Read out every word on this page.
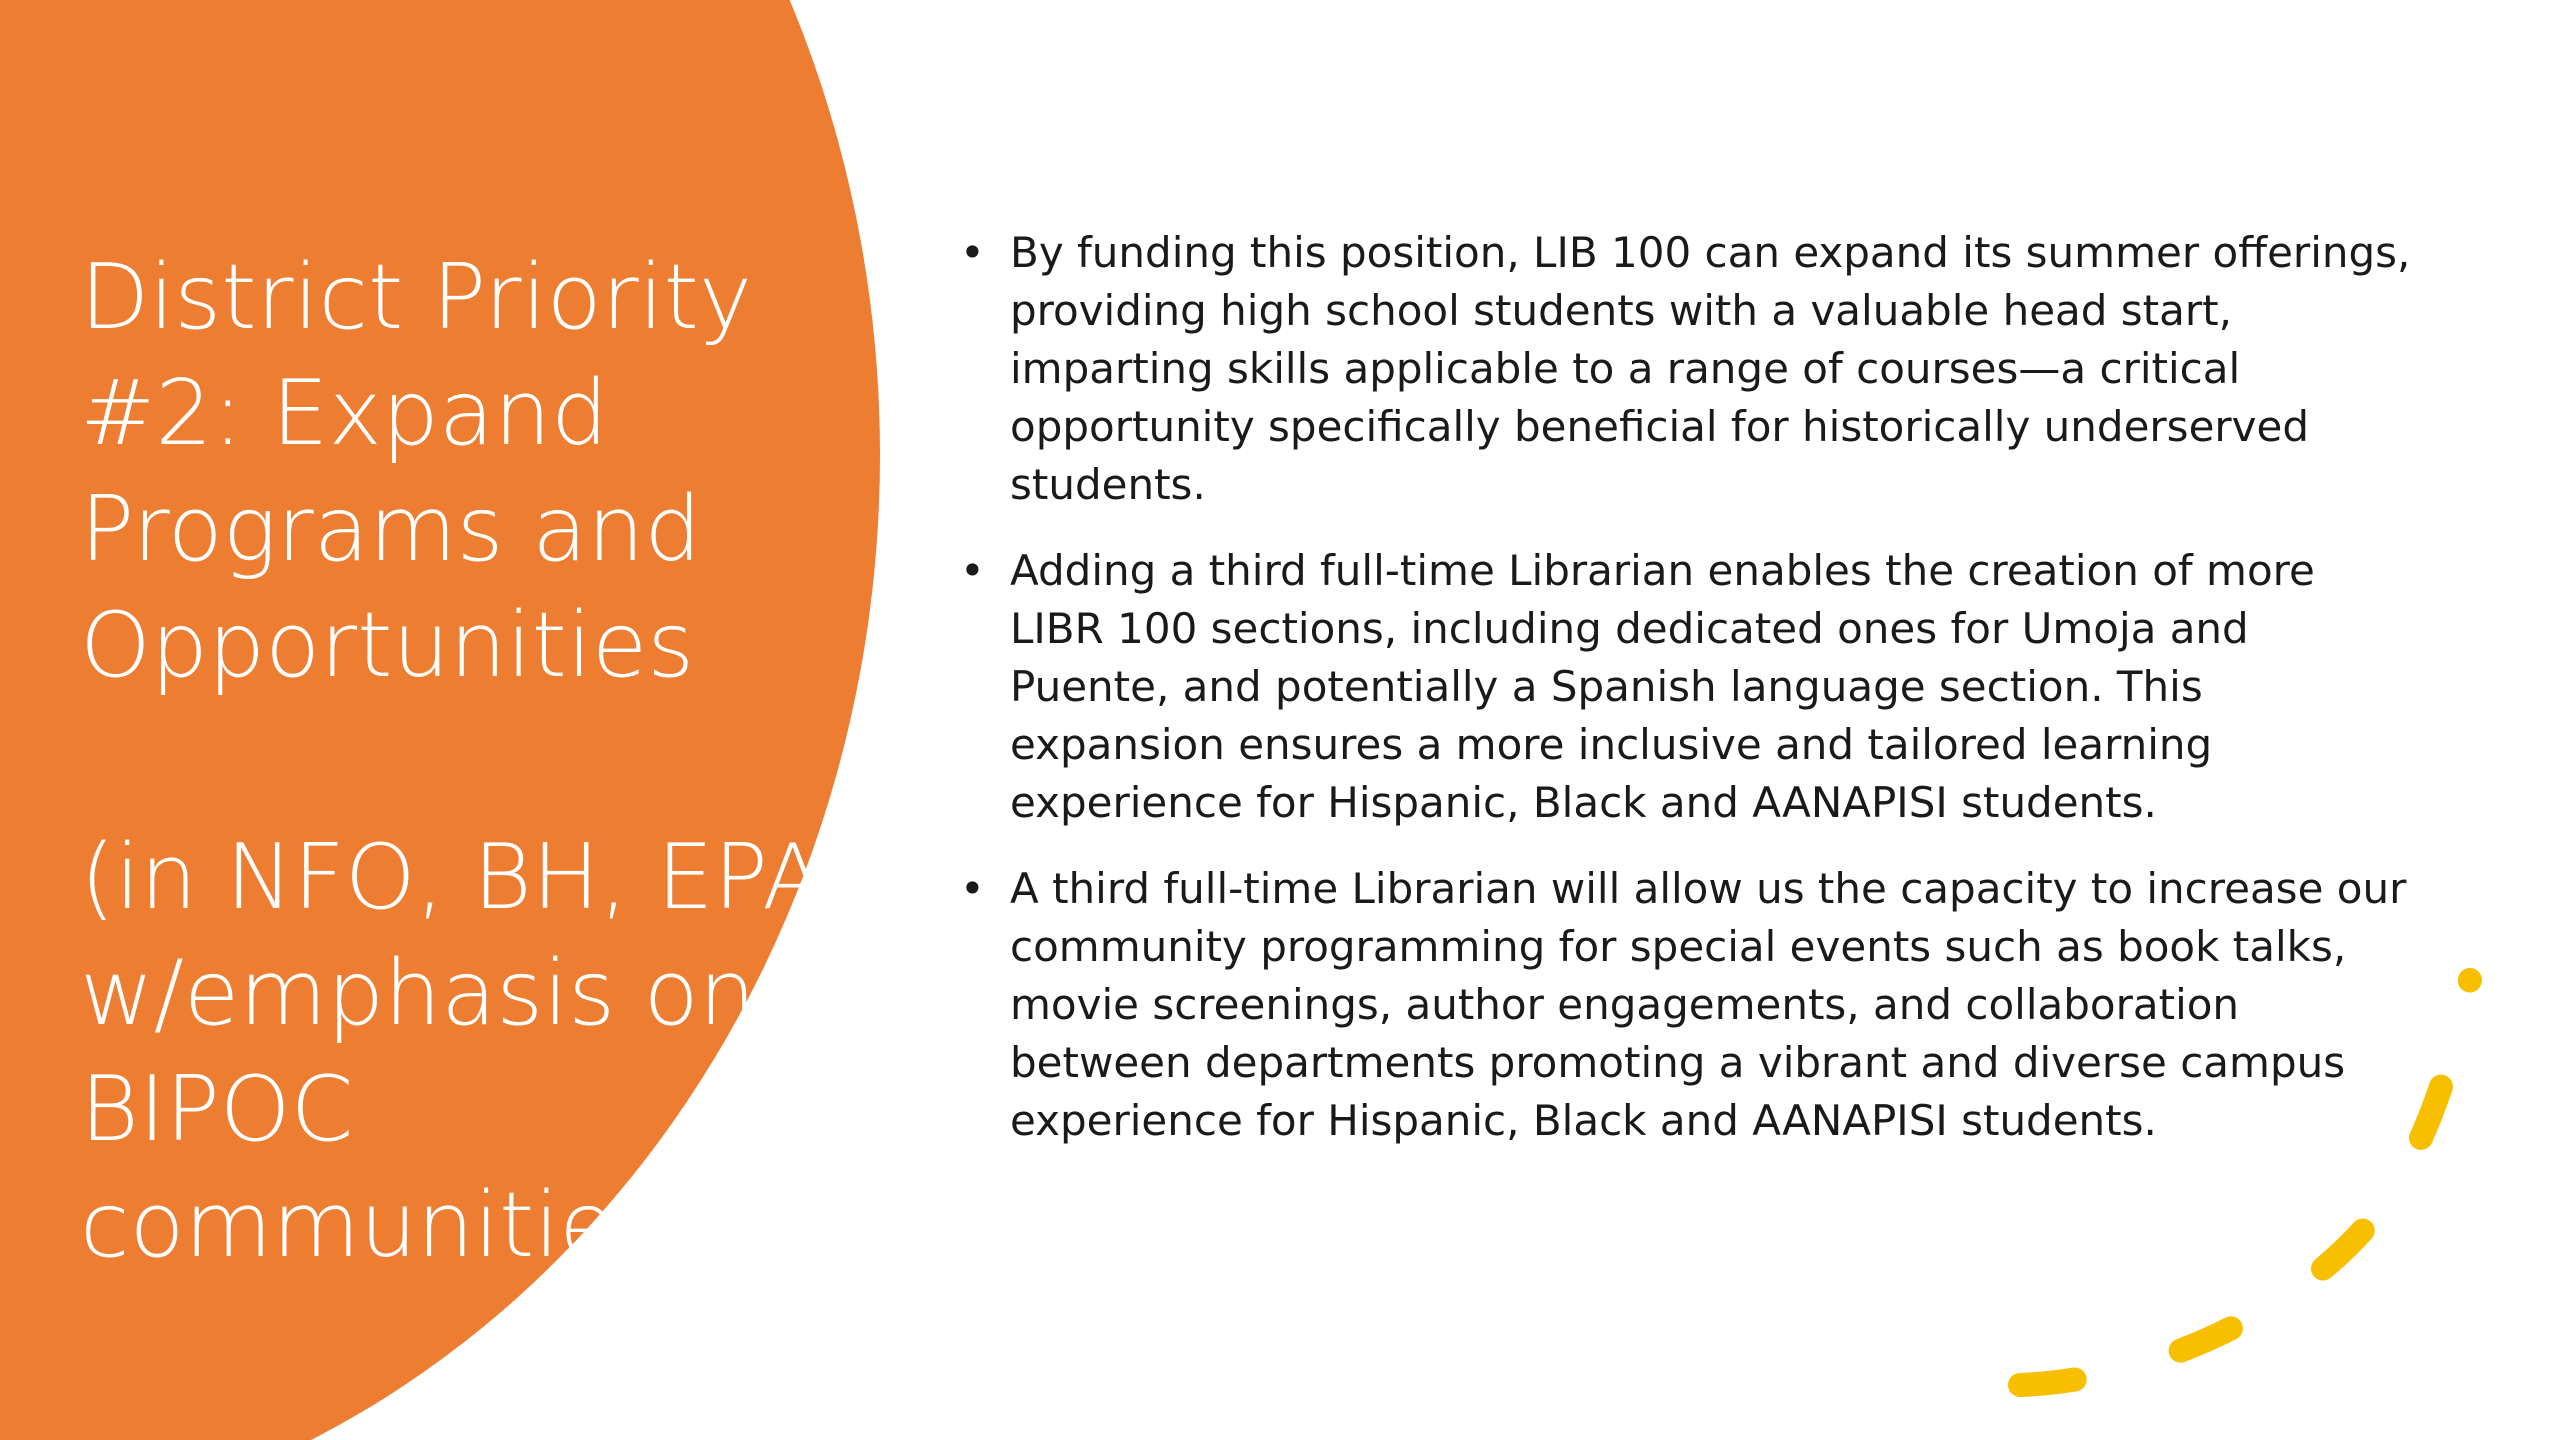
District Priority
#2: Expand
Programs and
Opportunities
(in NFO, BH, EPA
w/emphasis on
BIPOC
communities)
• By funding this position, LIB 100 can expand its summer offerings, providing high school students with a valuable head start, imparting skills applicable to a range of courses—a critical opportunity specifically beneficial for historically underserved students.
• Adding a third full-time Librarian enables the creation of more LIBR 100 sections, including dedicated ones for Umoja and Puente, and potentially a Spanish language section. This expansion ensures a more inclusive and tailored learning experience for Hispanic, Black and AANAPISI students.
• A third full-time Librarian will allow us the capacity to increase our community programming for special events such as book talks, movie screenings, author engagements, and collaboration between departments promoting a vibrant and diverse campus experience for Hispanic, Black and AANAPISI students.
